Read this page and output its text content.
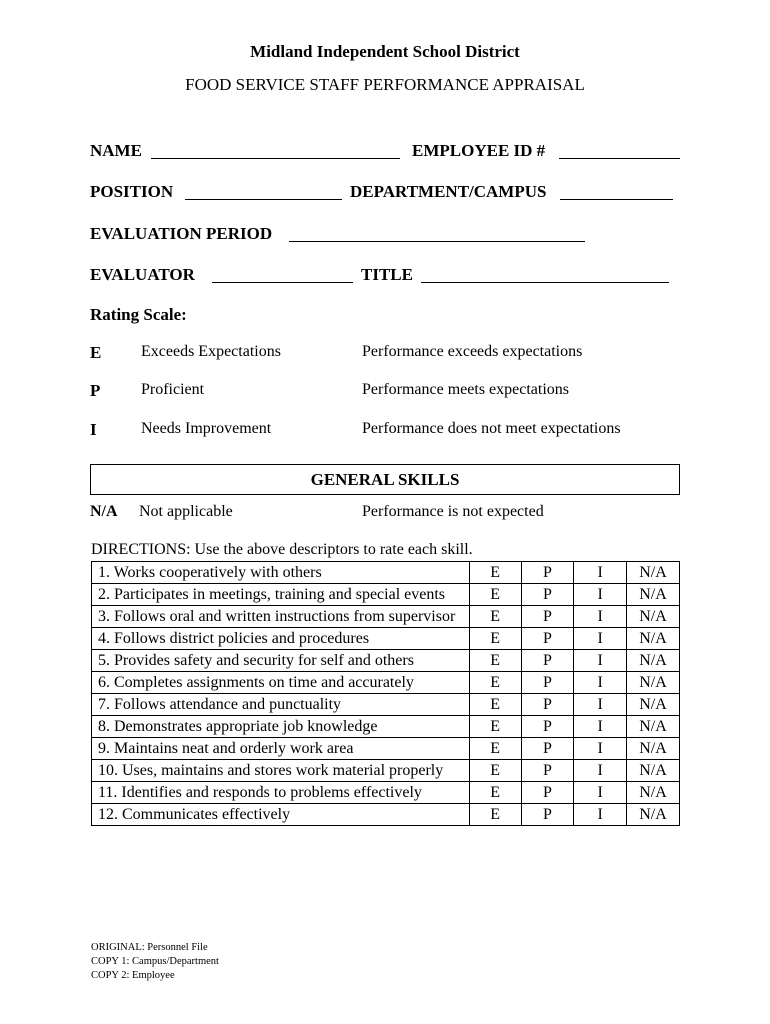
Midland Independent School District
FOOD SERVICE STAFF PERFORMANCE APPRAISAL
NAME	EMPLOYEE ID #
POSITION	DEPARTMENT/CAMPUS
EVALUATION PERIOD
EVALUATOR	TITLE
Rating Scale:
E Exceeds Expectations	Performance exceeds expectations
P	Proficient	Performance meets expectations
I	Needs Improvement	Performance does not meet expectations
GENERAL SKILLS
N/A Not applicable	Performance is not expected
DIRECTIONS: Use the above descriptors to rate each skill.
1. Works cooperatively with others	E	P	I	N/A
2. Participates in meetings, training and special events	E	P	I	N/A
3. Follows oral and written instructions from supervisor	E	P	I	N/A
4. Follows district policies and procedures	E	P	I	N/A
5. Provides safety and security for self and others	E	P	I	N/A
6. Completes assignments on time and accurately	E	P	I	N/A
7. Follows attendance and punctuality	E	P	I	N/A
8. Demonstrates appropriate job knowledge	E	P	I	N/A
9. Maintains neat and orderly work area	E	P	I	N/A
10. Uses, maintains and stores work material properly	E	P	I	N/A
11. Identifies and responds to problems effectively	E	P	I	N/A
12. Communicates effectively	E	P	I	N/A
ORIGINAL: Personnel File
COPY 1: Campus/Department
COPY 2: Employee
